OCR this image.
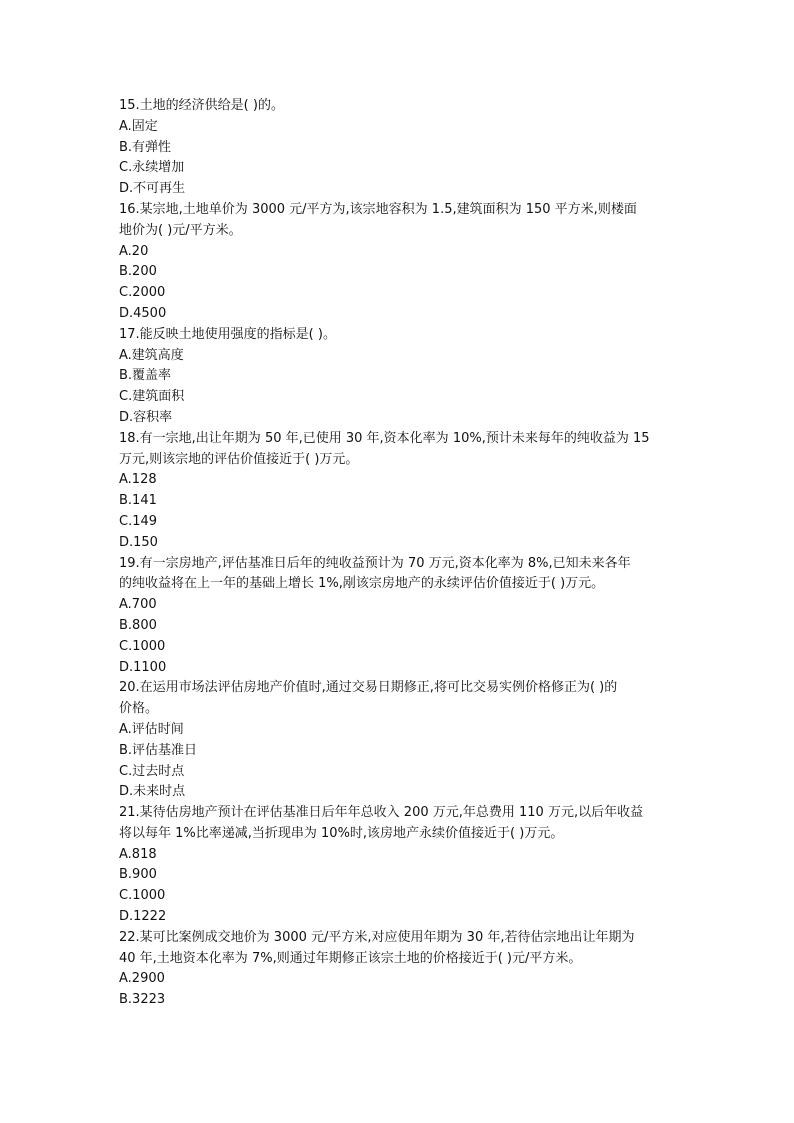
15.土地的经济供给是( )的。
A.固定
B.有弹性
C.永续增加
D.不可再生
16.某宗地,土地单价为 3000 元/平方为,该宗地容积为 1.5,建筑面积为 150 平方米,则楼面
地价为( )元/平方米。
A.20
B.200
C.2000
D.4500
17.能反映土地使用强度的指标是( )。
A.建筑高度
B.覆盖率
C.建筑面积
D.容积率
18.有一宗地,出让年期为 50 年,已使用 30 年,资本化率为 10%,预计未来每年的纯收益为 15
万元,则该宗地的评估价值接近于( )万元。
A.128
B.141
C.149
D.150
19.有一宗房地产,评估基准日后年的纯收益预计为 70 万元,资本化率为 8%,已知未来各年
的纯收益将在上一年的基础上增长 1%,剐该宗房地产的永续评估价值接近于( )万元。
A.700
B.800
C.1000
D.1100
20.在运用市场法评估房地产价值时,通过交易日期修正,将可比交易实例价格修正为( )的
价格。
A.评估时间
B.评估基准日
C.过去时点
D.未来时点
21.某待估房地产预计在评估基准日后年年总收入 200 万元,年总费用 110 万元,以后年收益
将以每年 1%比率递减,当折现串为 10%时,该房地产永续价值接近于( )万元。
A.818
B.900
C.1000
D.1222
22.某可比案例成交地价为 3000 元/平方米,对应使用年期为 30 年,若待估宗地出让年期为
40 年,土地资本化率为 7%,则通过年期修正该宗土地的价格接近于( )元/平方米。
A.2900
B.3223
